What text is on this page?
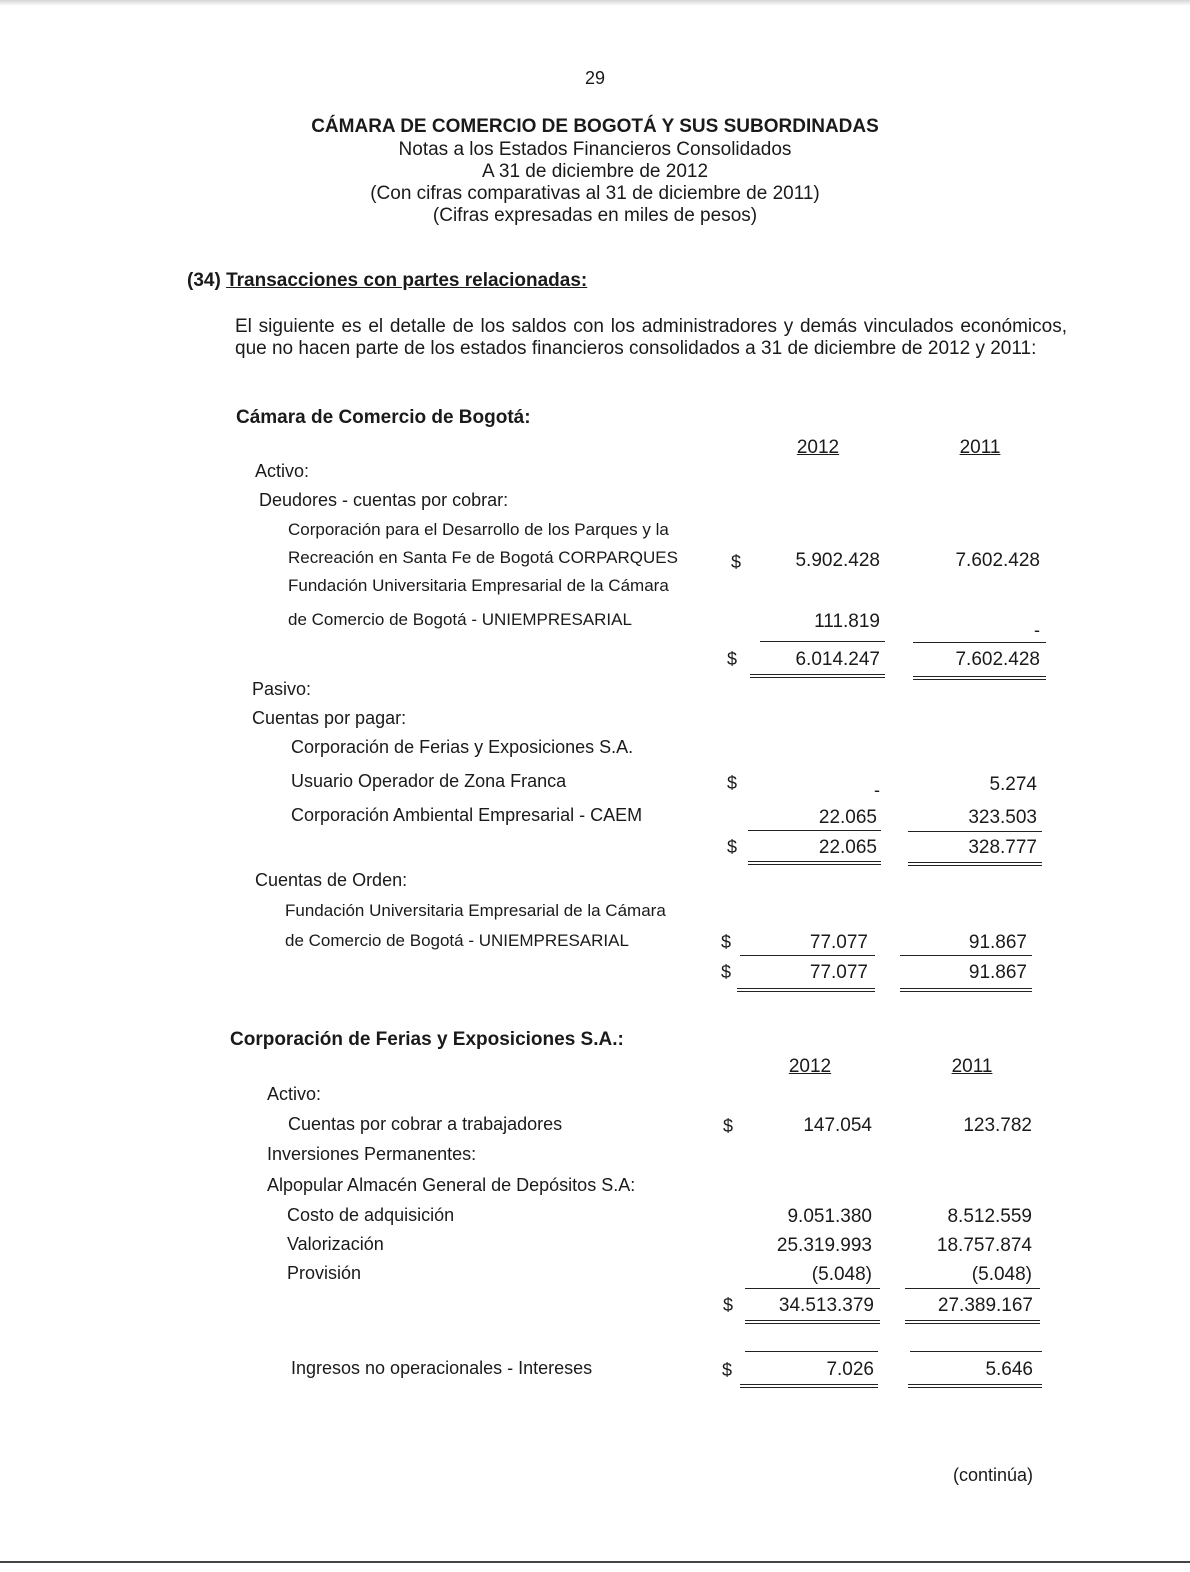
29
CÁMARA DE COMERCIO DE BOGOTÁ Y SUS SUBORDINADAS
Notas a los Estados Financieros Consolidados
A 31 de diciembre de 2012
(Con cifras comparativas al 31 de diciembre de 2011)
(Cifras expresadas en miles de pesos)
(34) Transacciones con partes relacionadas:
El siguiente es el detalle de los saldos con los administradores y demás vinculados económicos, que no hacen parte de los estados financieros consolidados a 31 de diciembre de 2012 y 2011:
Cámara de Comercio de Bogotá:
2012	2011
Activo:
Deudores - cuentas por cobrar:
Corporación para el Desarrollo de los Parques y la
Recreación en Santa Fe de Bogotá CORPARQUES	$	5.902.428	7.602.428
Fundación Universitaria Empresarial de la Cámara
de Comercio de Bogotá - UNIEMPRESARIAL	111.819	-
$	6.014.247	7.602.428
Pasivo:
Cuentas por pagar:
Corporación de Ferias y Exposiciones S.A.
Usuario Operador de Zona Franca	$	-	5.274
Corporación Ambiental Empresarial - CAEM	22.065	323.503
$	22.065	328.777
Cuentas de Orden:
Fundación Universitaria Empresarial de la Cámara
de Comercio de Bogotá - UNIEMPRESARIAL	$	77.077	91.867
$	77.077	91.867
Corporación de Ferias y Exposiciones S.A.:
2012	2011
Activo:
Cuentas por cobrar a trabajadores	$	147.054	123.782
Inversiones Permanentes:
Alpopular Almacén General de Depósitos S.A:
Costo de adquisición	9.051.380	8.512.559
Valorización	25.319.993	18.757.874
Provisión	(5.048)	(5.048)
$	34.513.379	27.389.167
Ingresos no operacionales - Intereses	$	7.026	5.646
(continúa)
